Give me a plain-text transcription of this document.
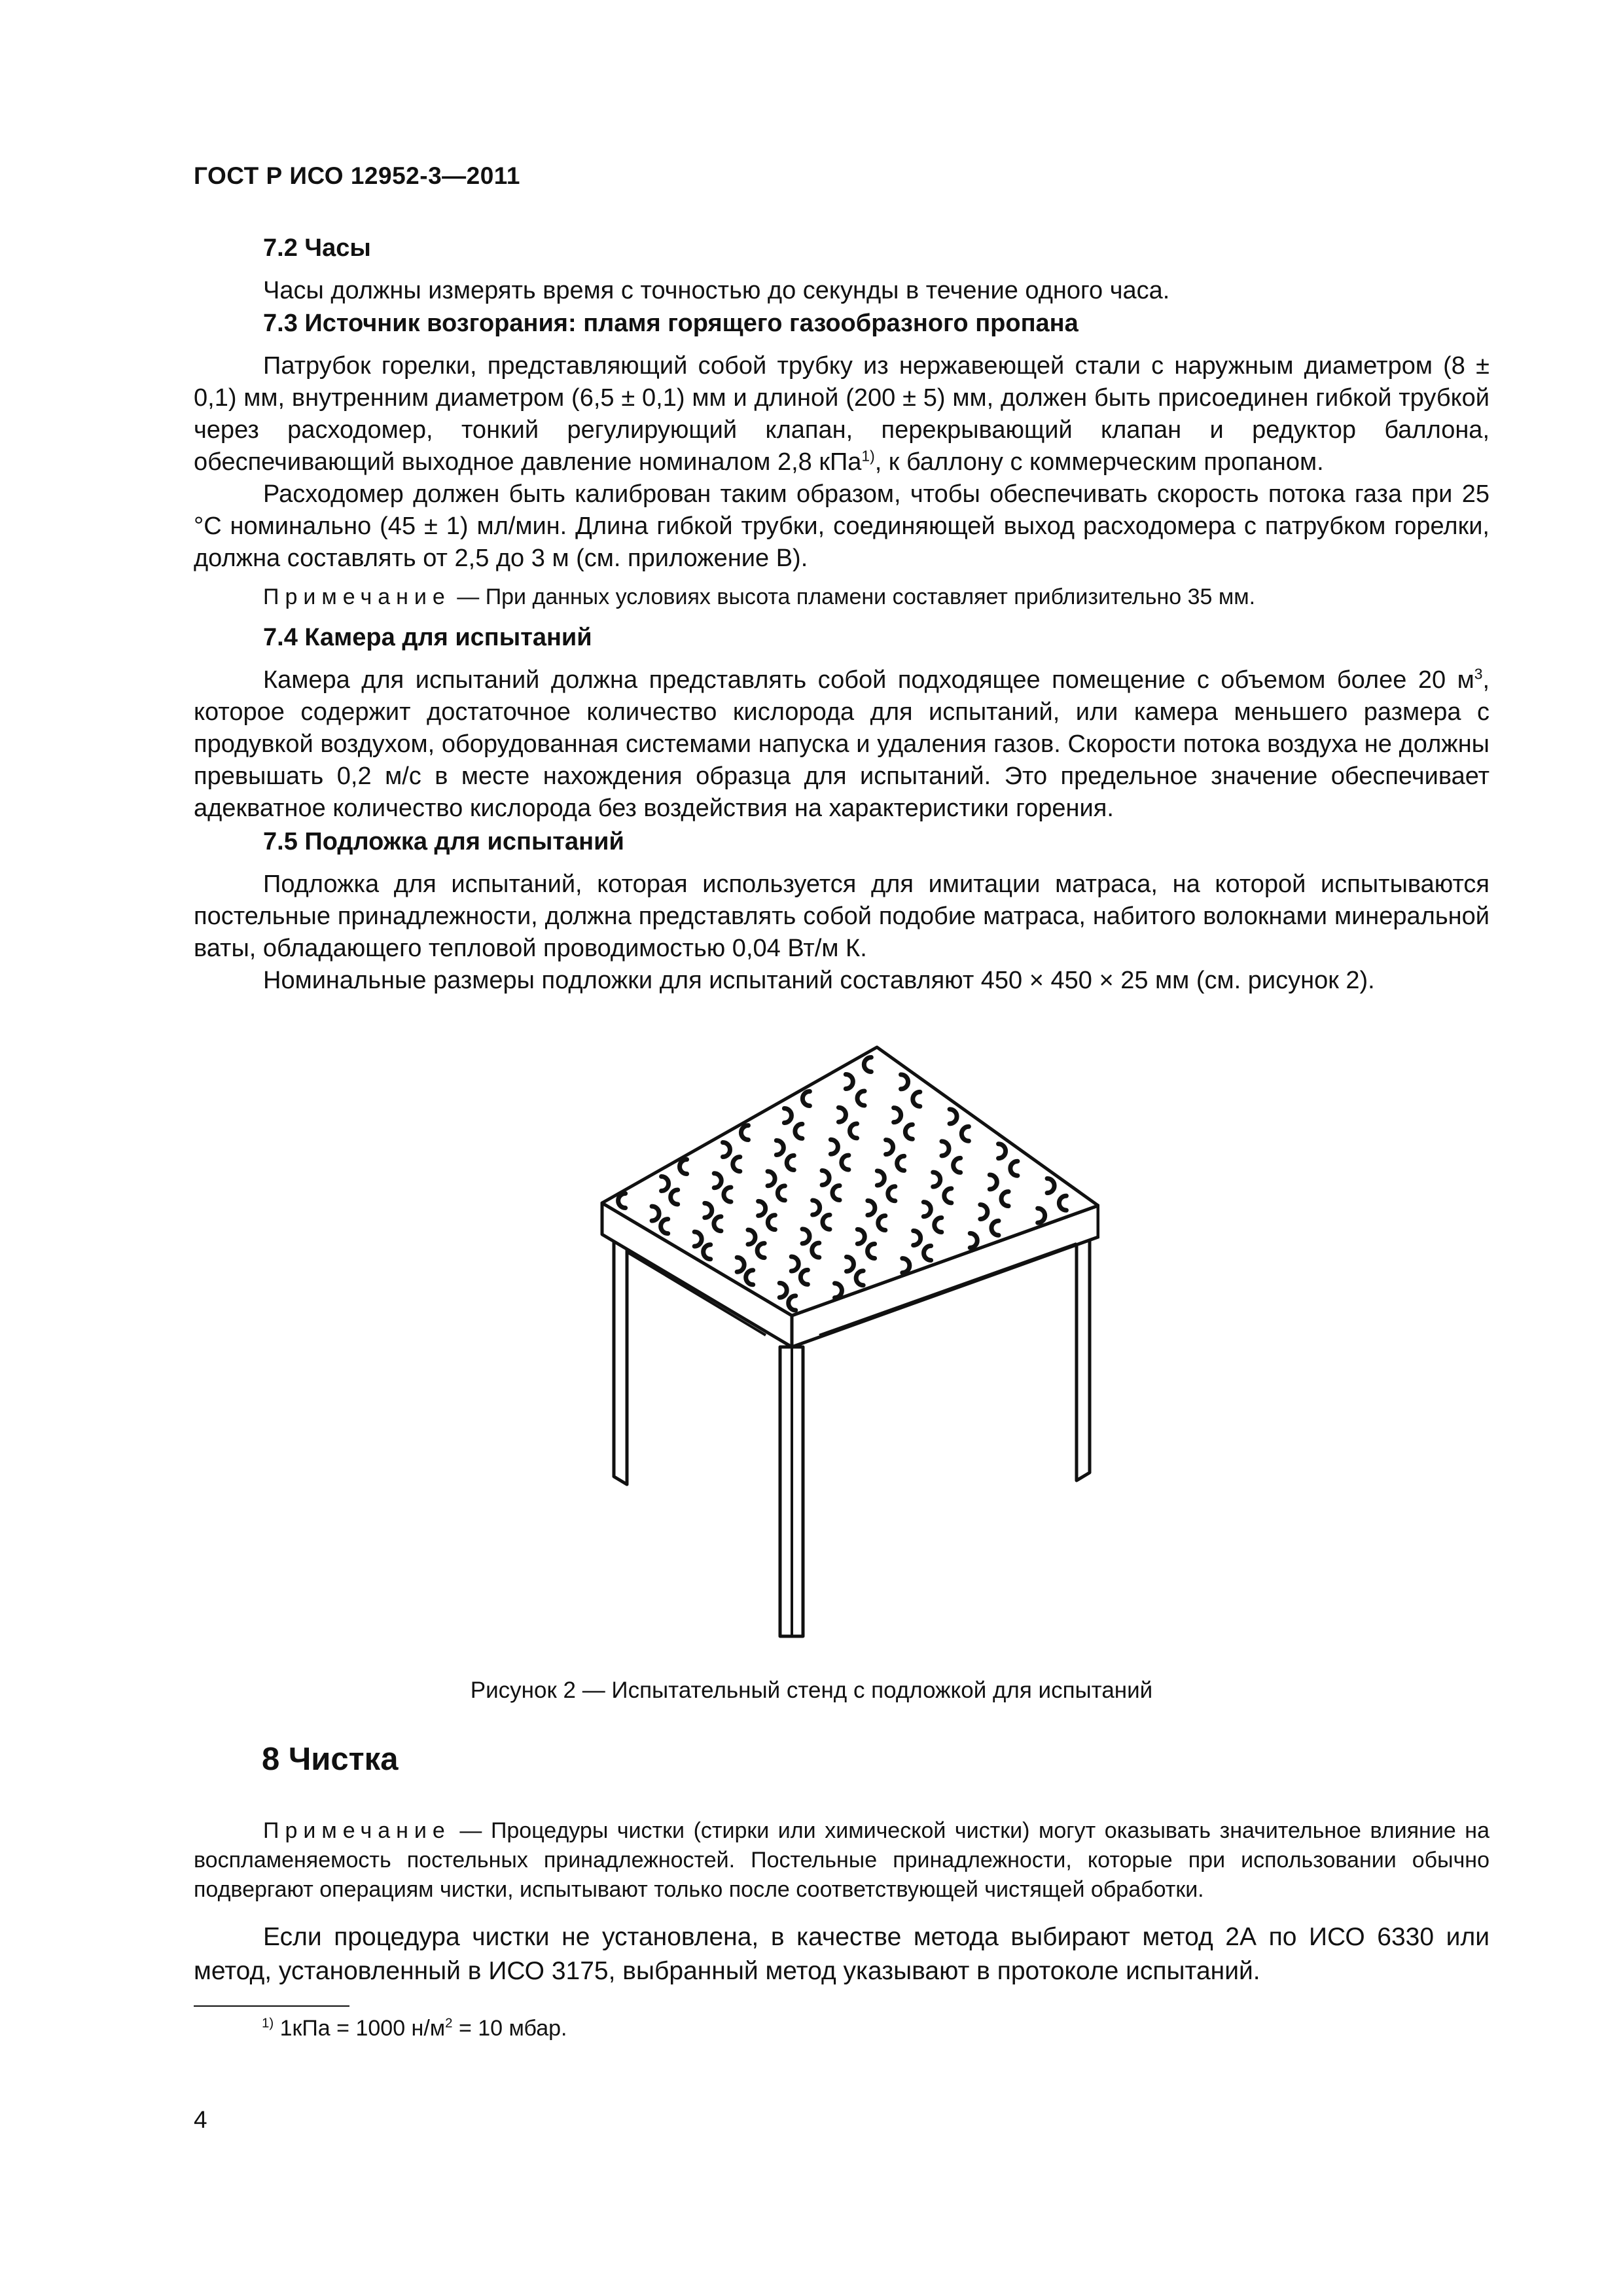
ГОСТ Р ИСО 12952-3—2011

7.2 Часы

Часы должны измерять время с точностью до секунды в течение одного часа.

7.3 Источник возгорания: пламя горящего газообразного пропана

Патрубок горелки, представляющий собой трубку из нержавеющей стали с наружным диаметром (8 ± 0,1) мм, внутренним диаметром (6,5 ± 0,1) мм и длиной (200 ± 5) мм, должен быть присоединен гибкой трубкой через расходомер, тонкий регулирующий клапан, перекрывающий клапан и редуктор баллона, обеспечивающий выходное давление номиналом 2,8 кПа$^{1)}$, к баллону с коммерческим пропаном.

Расходомер должен быть калиброван таким образом, чтобы обеспечивать скорость потока газа при 25 °С номинально (45 ± 1) мл/мин. Длина гибкой трубки, соединяющей выход расходомера с патрубком горелки, должна составлять от 2,5 до 3 м (см. приложение В).

Примечание — При данных условиях высота пламени составляет приблизительно 35 мм.

7.4 Камера для испытаний

Камера для испытаний должна представлять собой подходящее помещение с объемом более 20 $м^3$, которое содержит достаточное количество кислорода для испытаний, или камера меньшего размера с продувкой воздухом, оборудованная системами напуска и удаления газов. Скорости потока воздуха не должны превышать 0,2 м/с в месте нахождения образца для испытаний. Это предельное значение обеспечивает адекватное количество кислорода без воздействия на характеристики горения.

7.5 Подложка для испытаний

Подложка для испытаний, которая используется для имитации матраса, на которой испытываются постельные принадлежности, должна представлять собой подобие матраса, набитого волокнами минеральной ваты, обладающего тепловой проводимостью 0,04 Вт/м К.

Номинальные размеры подложки для испытаний составляют 450 × 450 × 25 мм (см. рисунок 2).

Рисунок 2 — Испытательный стенд с подложкой для испытаний
8 Чистка

Примечание — Процедуры чистки (стирки или химической чистки) могут оказывать значительное влияние на воспламеняемость постельных принадлежностей. Постельные принадлежности, которые при использовании обычно подвергают операциям чистки, испытывают только после соответствующей чистящей обработки.

Если процедура чистки не установлена, в качестве метода выбирают метод 2А по ИСО 6330 или метод, установленный в ИСО 3175, выбранный метод указывают в протоколе испытаний.

$^{1)}$ 1кПа = 1000 $н/м^2 = 10$ мбар.
4
